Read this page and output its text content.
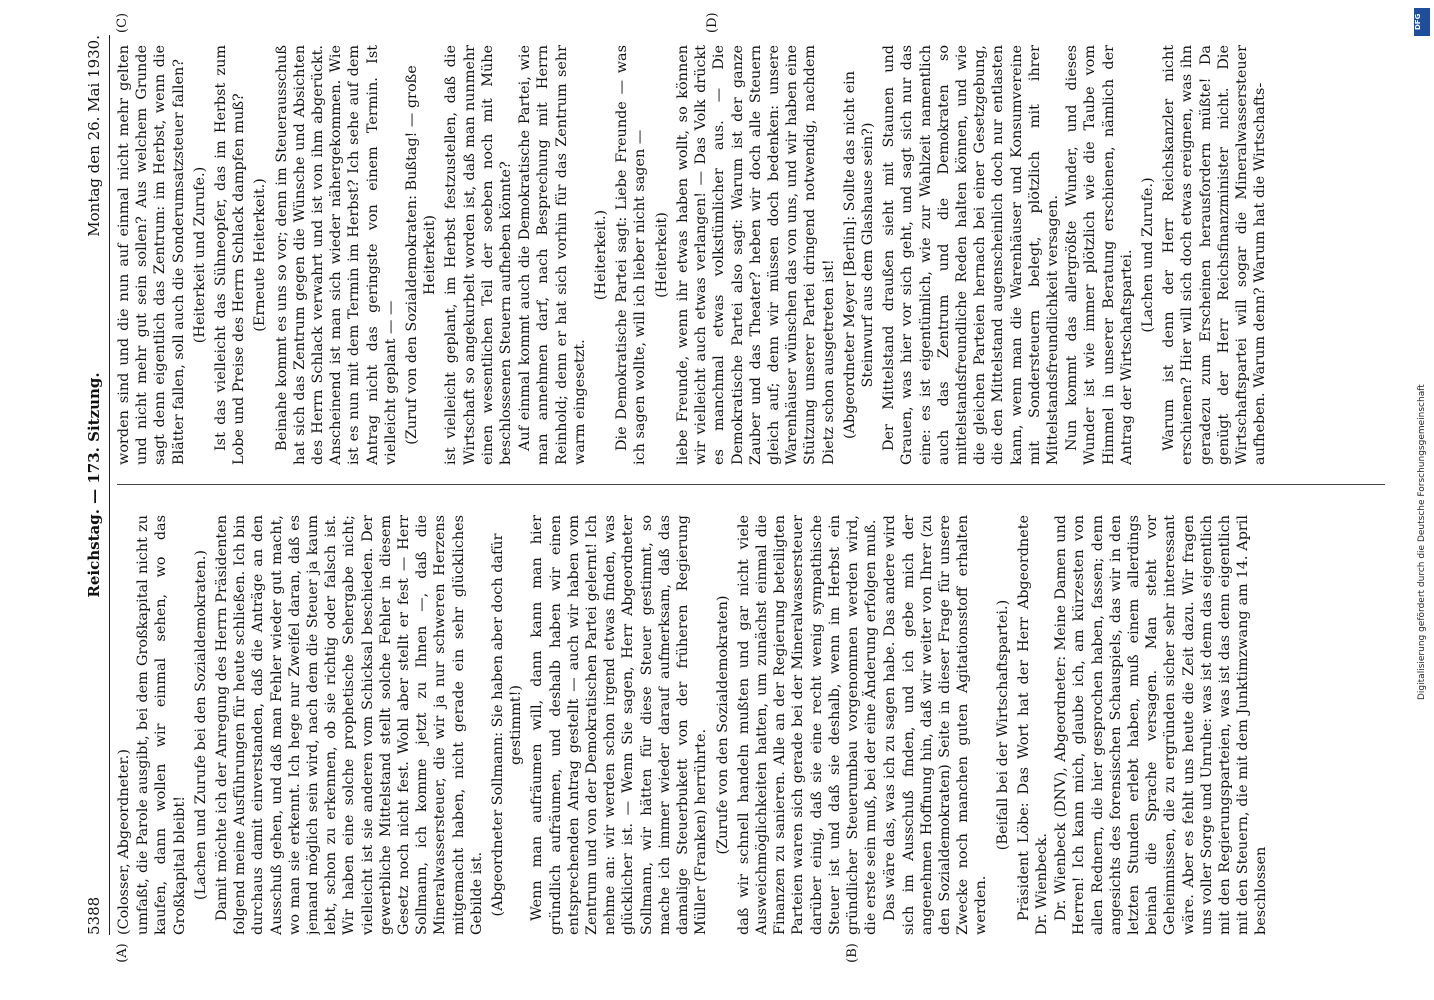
5388
Reichstag. — 173. Sitzung.
Montag den 26. Mai 1930.
(A)	(B)
(C)	(D)

(Colosser, Abgeordneter.) umfaßt, die Parole ausgibt, bei dem Großkapital nicht zu kaufen, dann wollen wir einmal sehen, wo das Großkapital bleibt! (Lachen und Zurufe bei den Sozialdemokraten.) Damit möchte ich der Anregung des Herrn Präsidenten folgend meine Ausführungen für heute schließen. Ich bin durchaus damit einverstanden, daß die Anträge an den Ausschuß gehen, und daß man Fehler wieder gut macht, wo man sie erkennt. Ich hege nur Zweifel daran, daß es jemand möglich sein wird, nach dem die Steuer ja kaum lebt, schon zu erkennen, ob sie richtig oder falsch ist. Wir haben eine solche prophetische Sehergabe nicht; vielleicht ist sie anderen vom Schicksal beschieden. Der gewerbliche Mittelstand stellt solche Fehler in diesem Gesetz noch nicht fest. Wohl aber stellt er fest — Herr Sollmann, ich komme jetzt zu Ihnen —, daß die Mineralwassersteuer, die wir ja nur schweren Herzens mitgemacht haben, nicht gerade ein sehr glückliches Gebilde ist. (Abgeordneter Sollmann: Sie haben aber doch dafür gestimmt!) Wenn man aufräumen will, dann kann man hier gründlich aufräumen, und deshalb haben wir einen entsprechenden Antrag gestellt — auch wir haben vom Zentrum und von der Demokratischen Partei gelernt! Ich nehme an: wir werden schon irgend etwas finden, was glücklicher ist. — Wenn Sie sagen, Herr Abgeordneter Sollmann, wir hätten für diese Steuer gestimmt, so mache ich immer wieder darauf aufmerksam, daß das damalige Steuerbukett von der früheren Regierung Müller (Franken) herrührte. (Zurufe von den Sozialdemokraten) daß wir schnell handeln mußten und gar nicht viele Ausweichmöglichkeiten hatten, um zunächst einmal die Finanzen zu sanieren. Alle an der Regierung beteiligten Parteien waren sich gerade bei der Mineralwassersteuer darüber einig, daß sie eine recht wenig sympathische Steuer ist und daß sie deshalb, wenn im Herbst ein gründlicher Steuerumbau vorgenommen werden wird, die erste sein muß, bei der eine Änderung erfolgen muß. Das wäre das, was ich zu sagen habe. Das andere wird sich im Ausschuß finden, und ich gebe mich der angenehmen Hoffnung hin, daß wir weiter von Ihrer (zu den Sozialdemokraten) Seite in dieser Frage für unsere Zwecke noch manchen guten Agitationsstoff erhalten werden.

(Beifall bei der Wirtschaftspartei.) Präsident Löbe: Das Wort hat der Herr Abgeordnete Dr. Wienbeck. Dr. Wienbeck (DNV), Abgeordneter: Meine Damen und Herren! Ich kann mich, glaube ich, am kürzesten von allen Rednern, die hier gesprochen haben, fassen; denn angesichts des forensischen Schauspiels, das wir in den letzten Stunden erlebt haben, muß einem allerdings beinah die Sprache versagen. Man steht vor Geheimnissen, die zu ergründen sicher sehr interessant wäre. Aber es fehlt uns heute die Zeit dazu. Wir fragen uns voller Sorge und Unruhe: was ist denn das eigentlich mit den Regierungsparteien, was ist das denn eigentlich mit den Steuern, die mit dem Junktimzwang am 14. April beschlossen

worden sind und die nun auf einmal nicht mehr gelten und nicht mehr gut sein sollen? Aus welchem Grunde sagt denn eigentlich das Zentrum: im Herbst, wenn die Blätter fallen, soll auch die Sonderumsatzsteuer fallen? (Heiterkeit und Zurufe.) Ist das vielleicht das Sühneopfer, das im Herbst zum Lobe und Preise des Herrn Schlack dampfen muß? (Erneute Heiterkeit.) Beinahe kommt es uns so vor; denn im Steuerausschuß hat sich das Zentrum gegen die Wünsche und Absichten des Herrn Schlack verwahrt und ist von ihm abgerückt. Anscheinend ist man sich wieder nähergekommen. Wie ist es nun mit dem Termin im Herbst? Ich sehe auf dem Antrag nicht das geringste von einem Termin. Ist vielleicht geplant — — (Zuruf von den Sozialdemokraten: Bußtag! — große Heiterkeit) ist vielleicht geplant, im Herbst festzustellen, daß die Wirtschaft so angekurbelt worden ist, daß man nunmehr einen wesentlichen Teil der soeben noch mit Mühe beschlossenen Steuern aufheben könnte? Auf einmal kommt auch die Demokratische Partei, wie man annehmen darf, nach Besprechung mit Herrn Reinhold; denn er hat sich vorhin für das Zentrum sehr warm eingesetzt.

(Heiterkeit.) Die Demokratische Partei sagt: Liebe Freunde — was ich sagen wollte, will ich lieber nicht sagen — (Heiterkeit) liebe Freunde, wenn ihr etwas haben wollt, so können wir vielleicht auch etwas verlangen! — Das Volk drückt es manchmal etwas volkstümlicher aus. — Die Demokratische Partei also sagt: Warum ist der ganze Zauber und das Theater? heben wir doch alle Steuern gleich auf; denn wir müssen doch bedenken: unsere Warenhäuser wünschen das von uns, und wir haben eine Stützung unserer Partei dringend notwendig, nachdem Dietz schon ausgetreten ist! (Abgeordneter Meyer [Berlin]: Sollte das nicht ein Steinwurf aus dem Glashause sein?) Der Mittelstand draußen sieht mit Staunen und Grauen, was hier vor sich geht, und sagt sich nur das eine: es ist eigentümlich, wie zur Wahlzeit namentlich auch das Zentrum und die Demokraten so mittelstandsfreundliche Reden halten können, und wie die gleichen Parteien hernach bei einer Gesetzgebung, die den Mittelstand augenscheinlich doch nur entlasten kann, wenn man die Warenhäuser und Konsumvereine mit Sondersteuern belegt, plötzlich mit ihrer Mittelstandsfreundlichkeit versagen. Nun kommt das allergrößte Wunder, und dieses Wunder ist wie immer plötzlich wie die Taube vom Himmel in unserer Beratung erschienen, nämlich der Antrag der Wirtschaftspartei. (Lachen und Zurufe.) Warum ist denn der Herr Reichskanzler nicht erschienen? Hier will sich doch etwas ereignen, was ihn geradezu zum Erscheinen herausfordern müßte! Da genügt der Herr Reichsfinanzminister nicht. Die Wirtschaftspartei will sogar die Mineralwassersteuer aufheben. Warum denn? Warum hat die Wirtschafts-

DFG
Digitalisierung gefördert durch die Deutsche Forschungsgemeinschaft
